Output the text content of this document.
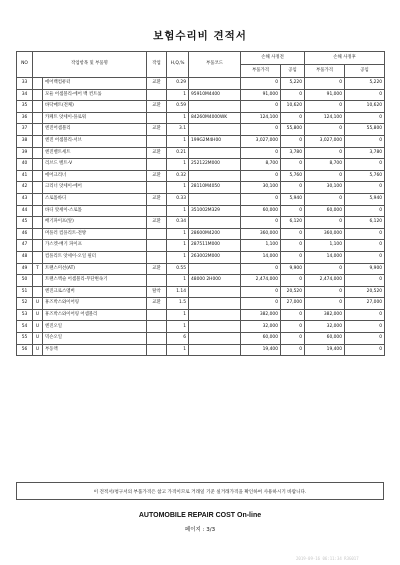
보험수리비 견적서
NO	작업항목 및 부품명		작업	H,Q,%	부품코드	손해 사정전		손해 사정후	
						부품가격	공임	부품가격	공임
33		에어백컴퓨터	교환	0.29		0	5,220	0	5,220
34		모듈 어셈블리-에어 백 컨트롤		1	95910M4400	91,000	0	91,000	0
35		바닥매트(전체)	교환	0.59		0	10,620	0	10,620
36		카페트 앗세이-플로워		1	84260M4000WK	124,100	0	124,100	0
37		엔진어셈블리	교환	3.1		0	55,800	0	55,800
38		엔진 어셈블리-서브		1	199G2M4H00	3,027,000	0	3,027,000	0
39		엔진벨트세트	교환	0.21		0	3,780	0	3,780
40		리브드 벨트-V		1	252122M000	8,700	0	8,700	0
41		에어크리너	교환	0.32		0	5,760	0	5,760
42		크리너 앗세이-에어		1	28110M4050	30,100	0	30,100	0
43		스로틀바디	교환	0.33		0	5,940	0	5,940
44		바디 앗세이-스로틀		1	351002M329	60,000	0	60,000	0
45		배기파이프(앞)	교환	0.34		0	6,120	0	6,120
46		머플러 컴플리트-전방		1	28600M4200	360,000	0	360,000	0
47		가스켓-배기 파이프		1	287511M000	1,100	0	1,100	0
48		컴플리트 앗세이-오일 필터		1	263002M000	14,000	0	14,000	0
49	T	트랜스미션(AT)	교환	0.55		0	9,900	0	9,900
50		트랜스액슬 어셈블리-무단변속기		1	48000 2H000	2,474,000	0	2,474,000	0
51		엔진크로스멤버	탈착	1.14		0	20,520	0	20,520
52	U	휴즈박스와이어링	교환	1.5		0	27,000	0	27,000
53	U	휴즈박스와이어링 어셈블리		1		382,000	0	382,000	0
54	U	엔진오일		1		32,000	0	32,000	0
55	U	믹슨오일		6		60,000	0	60,000	0
56	U	부동액		1		19,400	0	19,400	0
이 견적서/청구서의 부품가격은 참고 가격이므로 거래일 기준 실거래가격을 확인하여 사용하시기 바랍니다.
AUTOMOBILE REPAIR COST On-line
페이지 : 3/3
2019-09-16 06:11:34 R3G017
